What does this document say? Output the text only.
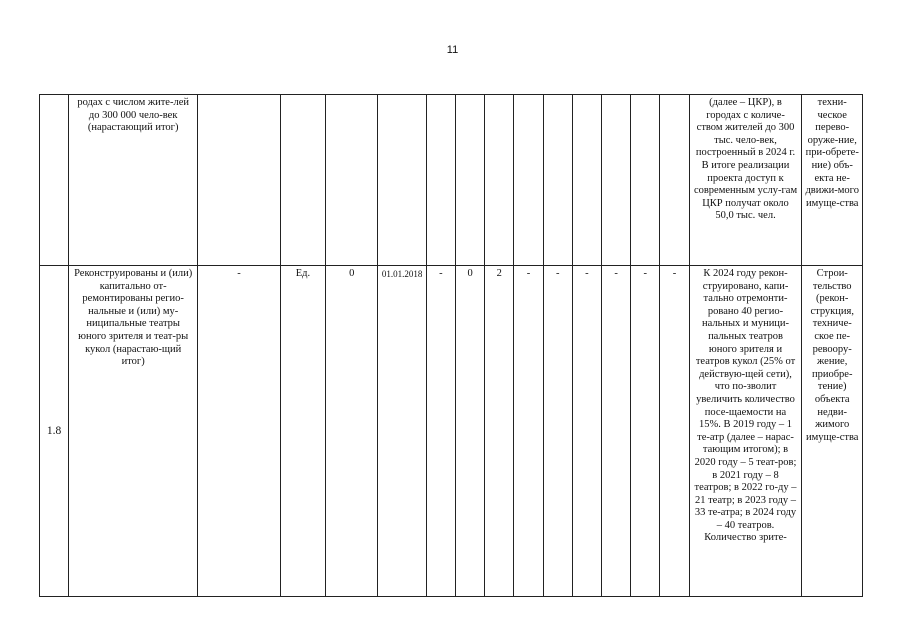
11
	родах с числом жите-лей до 300 000 чело-век (нарастающий итог)														(далее – ЦКР), в городах с количе-ством жителей до 300 тыс. чело-век, построенный в 2024 г. В итоге реализации проекта доступ к современным услу-гам ЦКР получат около 50,0 тыс. чел.	техни-ческое перево-оруже-ние, при-обрете-ние) объ-екта не-движи-мого имуще-ства
1.8	Реконструированы и (или) капитально от-ремонтированы регио-нальные и (или) му-ниципальные театры юного зрителя и теат-ры кукол (нарастаю-щий итог)	-	Ед.	0	01.01.2018	-	0	2	-	-	-	-	-	-	К 2024 году рекон-струировано, капи-тально отремонти-ровано 40 регио-нальных и муници-пальных театров юного зрителя и театров кукол (25% от действую-щей сети), что по-зволит увеличить количество посе-щаемости на 15%. В 2019 году – 1 те-атр (далее – нарас-тающим итогом); в 2020 году – 5 теат-ров; в 2021 году – 8 театров; в 2022 го-ду – 21 театр; в 2023 году – 33 те-атра; в 2024 году – 40 театров. Количество зрите-	Строи-тельство (рекон-струкция, техниче-ское пе-ревоору-жение, приобре-тение) объекта недви-жимого имуще-ства
